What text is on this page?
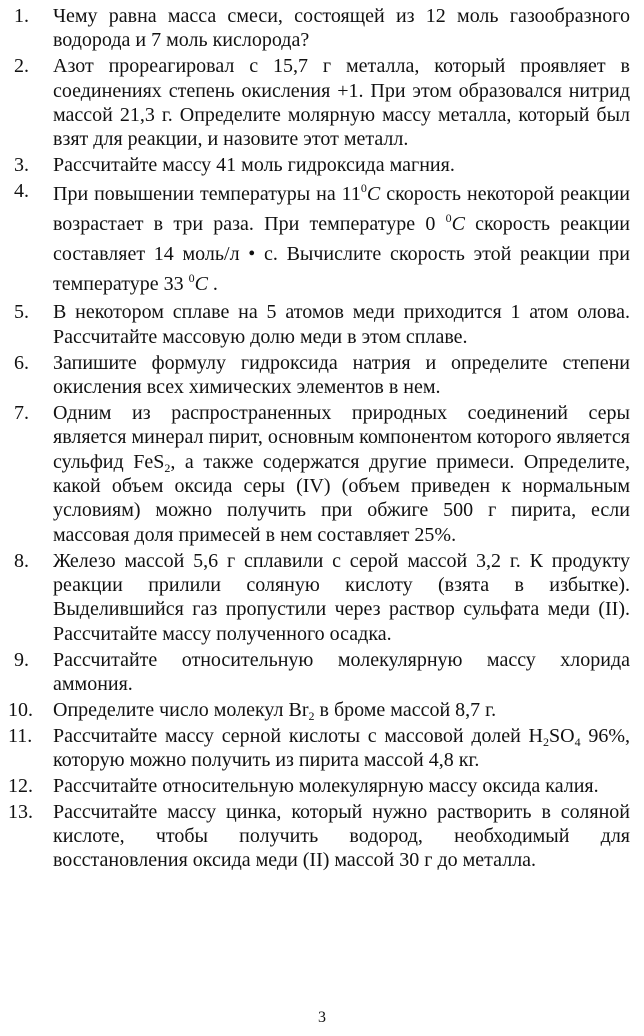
1.	Чему равна масса смеси, состоящей из 12 моль газообразного водорода и 7 моль кислорода?
2.	Азот прореагировал с 15,7 г металла, который проявляет в соединениях степень окисления +1. При этом образовался нитрид массой 21,3 г. Определите молярную массу металла, который был взят для реакции, и назовите этот металл.
3.	Рассчитайте массу 41 моль гидроксида магния.
4.	При повышении температуры на $11^0C$ скорость некоторой реакции возрастает в три раза. При температуре 0 $^0$C скорость реакции составляет 14 моль/л • с. Вычислите скорость этой реакции при температуре 33 $^0$C .
5.	В некотором сплаве на 5 атомов меди приходится 1 атом олова. Рассчитайте массовую долю меди в этом сплаве.
6.	Запишите формулу гидроксида натрия и определите степени окисления всех химических элементов в нем.
7.	Одним из распространенных природных соединений серы является минерал пирит, основным компонентом которого является сульфид FeS$_2$, а также содержатся другие примеси. Определите, какой объем оксида серы (IV) (объем приведен к нормальным условиям) можно получить при обжиге 500 г пирита, если массовая доля примесей в нем составляет 25%.
8.	Железо массой 5,6 г сплавили с серой массой 3,2 г. К продукту реакции прилили соляную кислоту (взята в избытке). Выделившийся газ пропустили через раствор сульфата меди (II). Рассчитайте массу полученного осадка.
9.	Рассчитайте относительную молекулярную массу хлорида аммония.
10.	Определите число молекул $Br_2$ в броме массой 8,7 г.
11.	Рассчитайте массу серной кислоты с массовой долей $H_2SO_4$ 96%, которую можно получить из пирита массой 4,8 кг.
12.	Рассчитайте относительную молекулярную массу оксида калия.
13.	Рассчитайте массу цинка, который нужно растворить в соляной кислоте, чтобы получить водород, необходимый для восстановления оксида меди (II) массой 30 г до металла.
3
